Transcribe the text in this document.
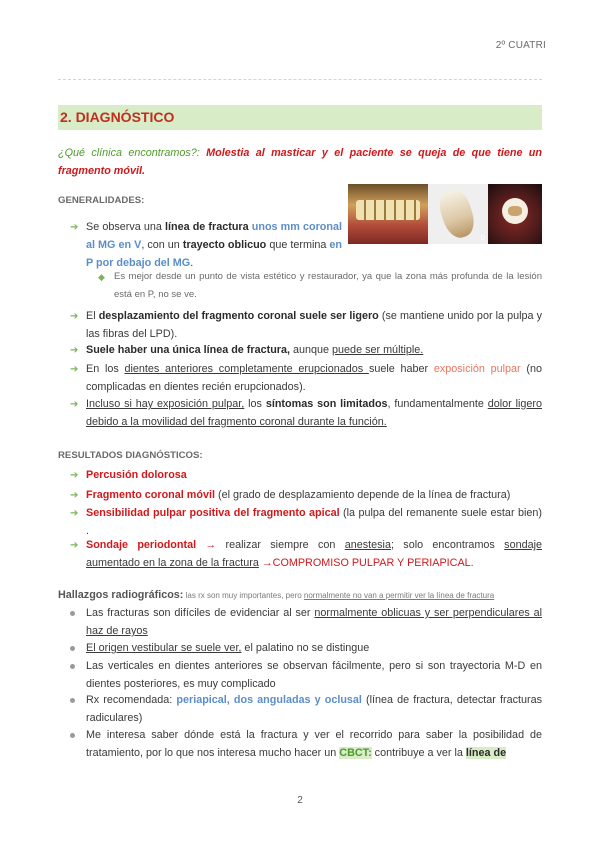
2º CUATRI
2. DIAGNÓSTICO
¿Qué clínica encontramos?: Molestia al masticar y el paciente se queja de que tiene un fragmento móvil.
GENERALIDADES:
b
➔ Se observa una línea de fractura unos mm coronal al MG en V, con un trayecto oblicuo que termina en P por debajo del MG.
◆ Es mejor desde un punto de vista estético y restaurador, ya que la zona más profunda de la lesión está en P, no se ve.
➔ El desplazamiento del fragmento coronal suele ser ligero (se mantiene unido por la pulpa y las fibras del LPD).
➔ Suele haber una única línea de fractura, aunque puede ser múltiple.
➔ En los dientes anteriores completamente erupcionados suele haber exposición pulpar (no complicadas en dientes recién erupcionados).
➔ Incluso si hay exposición pulpar, los síntomas son limitados, fundamentalmente dolor ligero debido a la movilidad del fragmento coronal durante la función.
RESULTADOS DIAGNÓSTICOS:
➔ Percusión dolorosa
➔ Fragmento coronal móvil (el grado de desplazamiento depende de la línea de fractura)
➔ Sensibilidad pulpar positiva del fragmento apical (la pulpa del remanente suele estar bien) .
➔ Sondaje periodontal → realizar siempre con anestesia; solo encontramos sondaje aumentado en la zona de la fractura →COMPROMISO PULPAR Y PERIAPICAL.
Hallazgos radiográficos: las rx son muy importantes, pero normalmente no van a permitir ver la línea de fractura
Las fracturas son difíciles de evidenciar al ser normalmente oblicuas y ser perpendiculares al haz de rayos
El origen vestibular se suele ver, el palatino no se distingue
Las verticales en dientes anteriores se observan fácilmente, pero si son trayectoria M-D en dientes posteriores, es muy complicado
Rx recomendada: periapical, dos anguladas y oclusal (línea de fractura, detectar fracturas radiculares)
Me interesa saber dónde está la fractura y ver el recorrido para saber la posibilidad de tratamiento, por lo que nos interesa mucho hacer un CBCT: contribuye a ver la línea de
2
